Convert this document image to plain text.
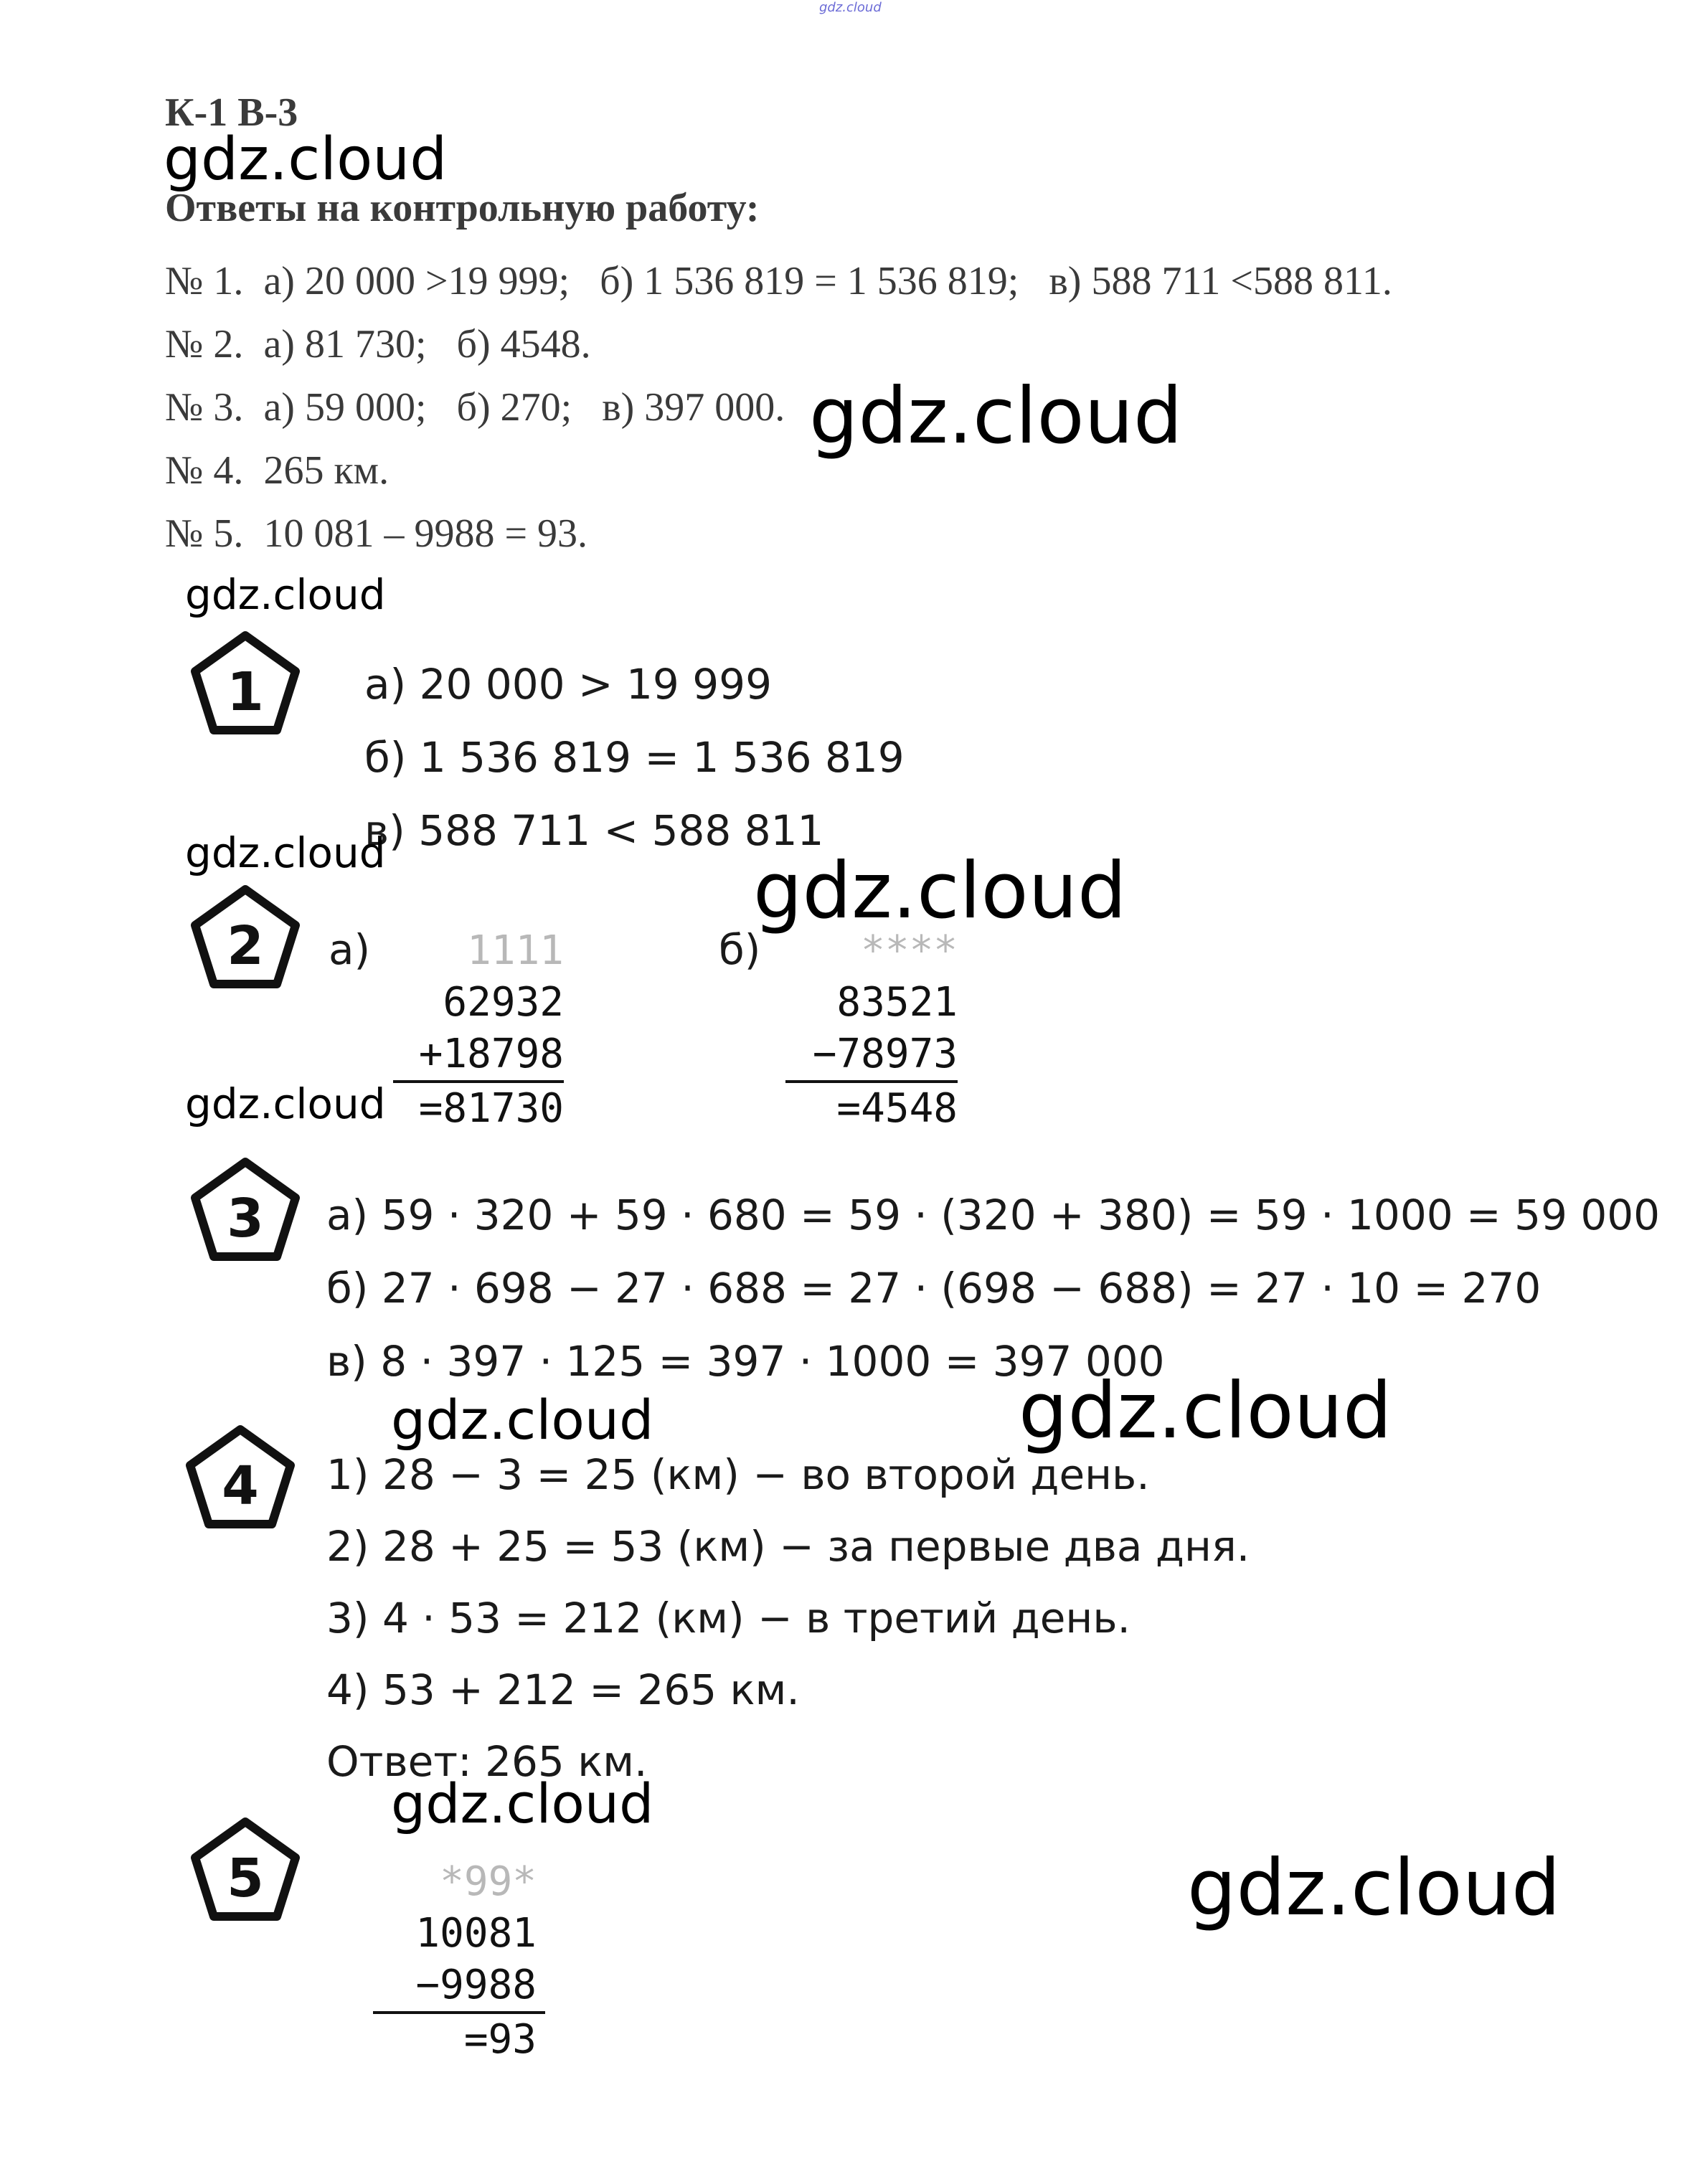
gdz.cloud
К-1 В-3
gdz.cloud
Ответы на контрольную работу:
№ 1. а) 20 000 >19 999;   б) 1 536 819 = 1 536 819;   в) 588 711 <588 811.
№ 2. а) 81 730;   б) 4548.
№ 3. а) 59 000;   б) 270;   в) 397 000.
№ 4. 265 км.
№ 5. 10 081 – 9988 = 93.
gdz.cloud
gdz.cloud
1 а) 20 000 > 19 999
б) 1 536 819 = 1 536 819
в) 588 711 < 588 811
gdz.cloud	gdz.cloud
2 а)	1111
62932
+18798
=81730
б)	****
83521
−78973
=4548
gdz.cloud
3 а) 59 · 320 + 59 · 680 = 59 · (320 + 380) = 59 · 1000 = 59 000
б) 27 · 698 − 27 · 688 = 27 · (698 − 688) = 27 · 10 = 270
в) 8 · 397 · 125 = 397 · 1000 = 397 000
gdz.cloud	gdz.cloud
4 1) 28 − 3 = 25 (км) − во второй день.
2) 28 + 25 = 53 (км) − за первые два дня.
3) 4 · 53 = 212 (км) − в третий день.
4) 53 + 212 = 265 км.
Ответ: 265 км.
gdz.cloud
5	*99*
10081
−9988
=93
gdz.cloud
